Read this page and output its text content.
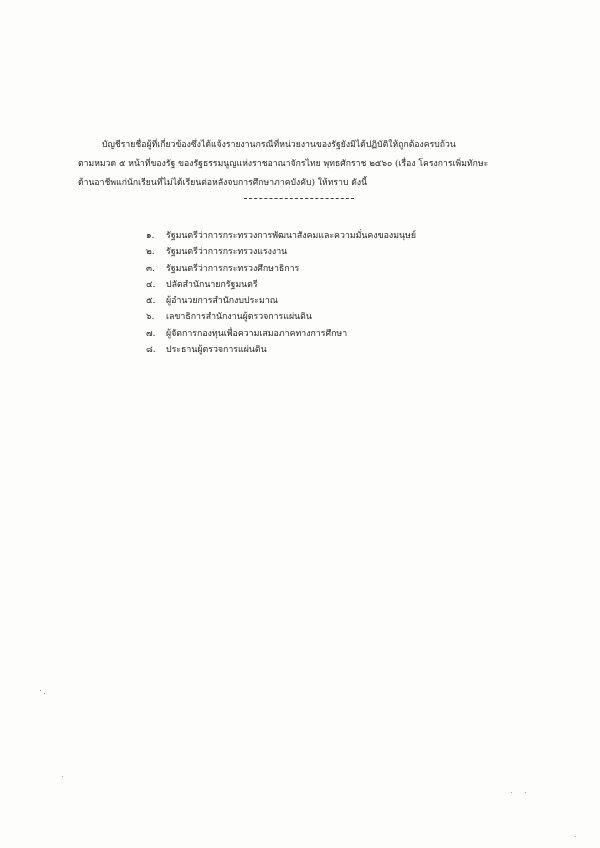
บัญชีรายชื่อผู้ที่เกี่ยวข้องซึ่งได้แจ้งรายงานกรณีที่หน่วยงานของรัฐยังมิได้ปฏิบัติให้ถูกต้องครบถ้วน
ตามหมวด ๕ หน้าที่ของรัฐ ของรัฐธรรมนูญแห่งราชอาณาจักรไทย พุทธศักราช ๒๕๖๐ (เรื่อง โครงการเพิ่มทักษะ
ด้านอาชีพแก่นักเรียนที่ไม่ได้เรียนต่อหลังจบการศึกษาภาคบังคับ) ให้ทราบ ดังนี้
๑.	รัฐมนตรีว่าการกระทรวงการพัฒนาสังคมและความมั่นคงของมนุษย์
๒.	รัฐมนตรีว่าการกระทรวงแรงงาน
๓.	รัฐมนตรีว่าการกระทรวงศึกษาธิการ
๔.	ปลัดสำนักนายกรัฐมนตรี
๕.	ผู้อำนวยการสำนักงบประมาณ
๖.	เลขาธิการสำนักงานผู้ตรวจการแผ่นดิน
๗.	ผู้จัดการกองทุนเพื่อความเสมอภาคทางการศึกษา
๘.	ประธานผู้ตรวจการแผ่นดิน
